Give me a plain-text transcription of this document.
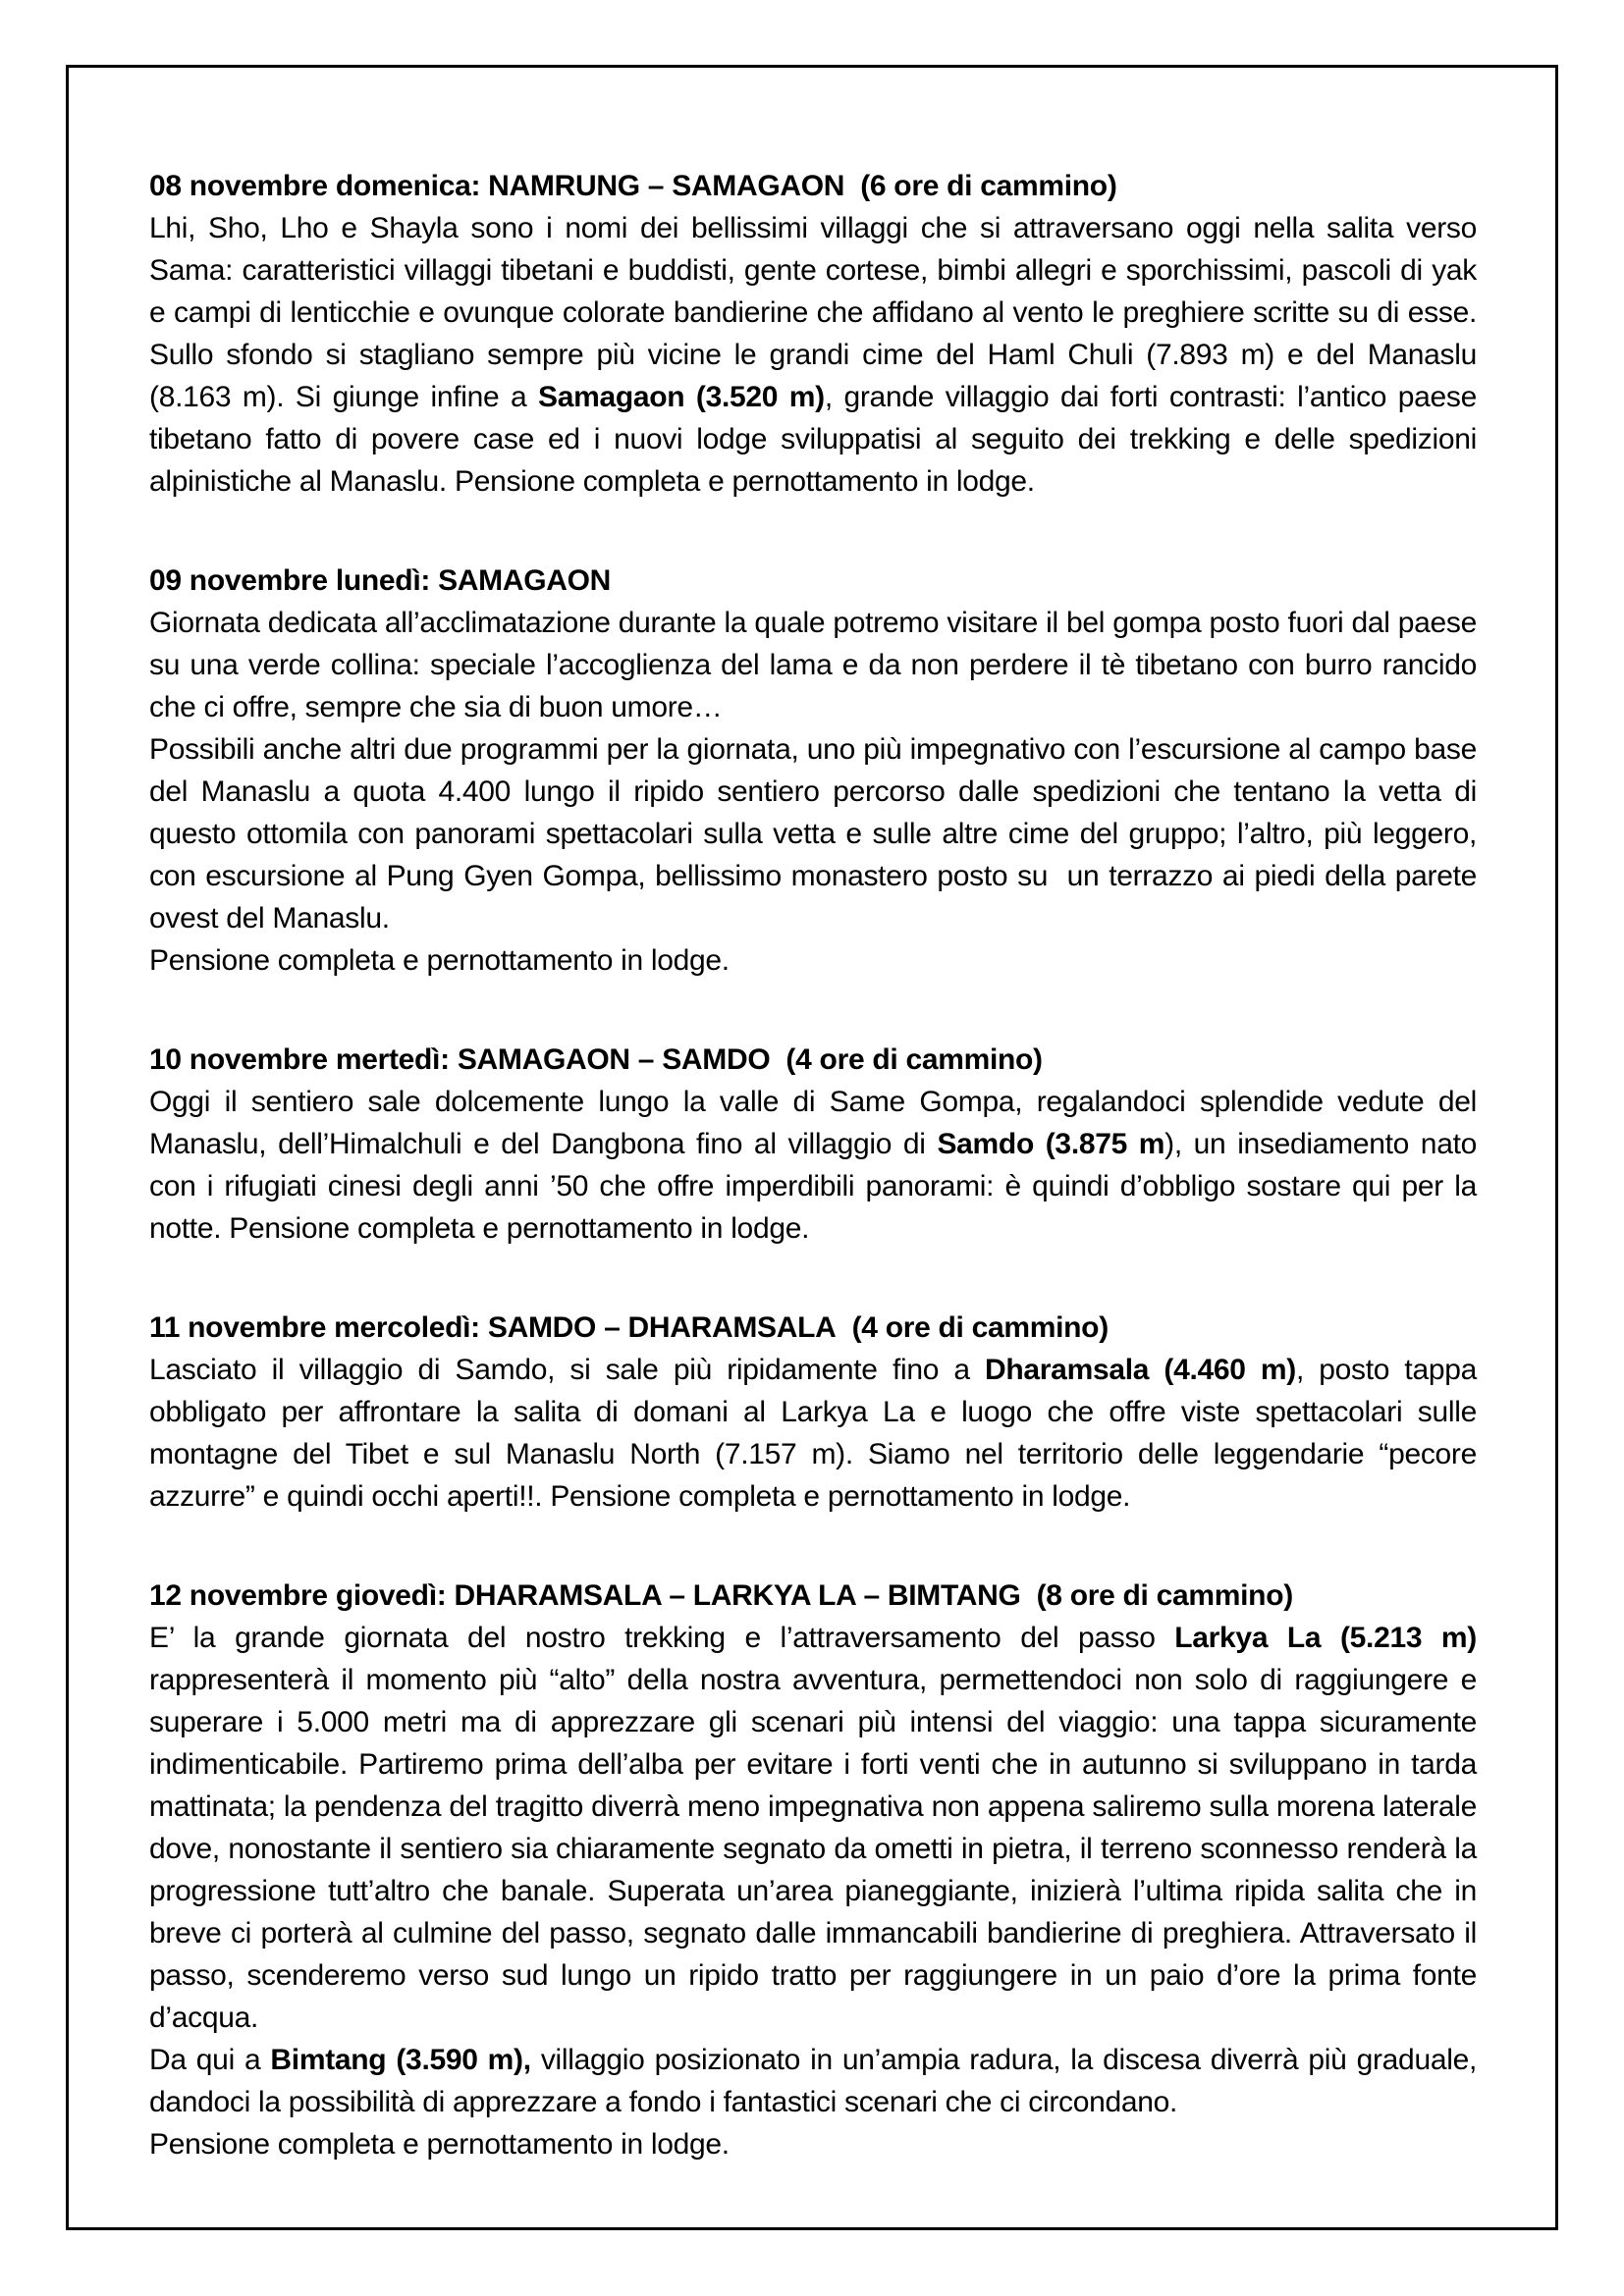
08 novembre domenica: NAMRUNG – SAMAGAON  (6 ore di cammino)

Lhi, Sho, Lho e Shayla sono i nomi dei bellissimi villaggi che si attraversano oggi nella salita verso Sama: caratteristici villaggi tibetani e buddisti, gente cortese, bimbi allegri e sporchissimi, pascoli di yak e campi di lenticchie e ovunque colorate bandierine che affidano al vento le preghiere scritte su di esse. Sullo sfondo si stagliano sempre più vicine le grandi cime del Haml Chuli (7.893 m) e del Manaslu (8.163 m). Si giunge infine a Samagaon (3.520 m), grande villaggio dai forti contrasti: l’antico paese tibetano fatto di povere case ed i nuovi lodge sviluppatisi al seguito dei trekking e delle spedizioni alpinistiche al Manaslu. Pensione completa e pernottamento in lodge.

09 novembre lunedì: SAMAGAON

Giornata dedicata all’acclimatazione durante la quale potremo visitare il bel gompa posto fuori dal paese su una verde collina: speciale l’accoglienza del lama e da non perdere il tè tibetano con burro rancido che ci offre, sempre che sia di buon umore…

Possibili anche altri due programmi per la giornata, uno più impegnativo con l’escursione al campo base del Manaslu a quota 4.400 lungo il ripido sentiero percorso dalle spedizioni che tentano la vetta di questo ottomila con panorami spettacolari sulla vetta e sulle altre cime del gruppo; l’altro, più leggero, con escursione al Pung Gyen Gompa, bellissimo monastero posto su  un terrazzo ai piedi della parete ovest del Manaslu.

Pensione completa e pernottamento in lodge.

10 novembre mertedì: SAMAGAON – SAMDO  (4 ore di cammino)

Oggi il sentiero sale dolcemente lungo la valle di Same Gompa, regalandoci splendide vedute del Manaslu, dell’Himalchuli e del Dangbona fino al villaggio di Samdo (3.875 m), un insediamento nato con i rifugiati cinesi degli anni ’50 che offre imperdibili panorami: è quindi d’obbligo sostare qui per la notte. Pensione completa e pernottamento in lodge.

11 novembre mercoledì: SAMDO – DHARAMSALA  (4 ore di cammino)

Lasciato il villaggio di Samdo, si sale più ripidamente fino a Dharamsala (4.460 m), posto tappa obbligato per affrontare la salita di domani al Larkya La e luogo che offre viste spettacolari sulle montagne del Tibet e sul Manaslu North (7.157 m). Siamo nel territorio delle leggendarie “pecore azzurre” e quindi occhi aperti!!. Pensione completa e pernottamento in lodge.

12 novembre giovedì: DHARAMSALA – LARKYA LA – BIMTANG  (8 ore di cammino)

E’ la grande giornata del nostro trekking e l’attraversamento del passo Larkya La (5.213 m) rappresenterà il momento più “alto” della nostra avventura, permettendoci non solo di raggiungere e superare i 5.000 metri ma di apprezzare gli scenari più intensi del viaggio: una tappa sicuramente indimenticabile. Partiremo prima dell’alba per evitare i forti venti che in autunno si sviluppano in tarda mattinata; la pendenza del tragitto diverrà meno impegnativa non appena saliremo sulla morena laterale dove, nonostante il sentiero sia chiaramente segnato da ometti in pietra, il terreno sconnesso renderà la progressione tutt’altro che banale. Superata un’area pianeggiante, inizierà l’ultima ripida salita che in breve ci porterà al culmine del passo, segnato dalle immancabili bandierine di preghiera. Attraversato il passo, scenderemo verso sud lungo un ripido tratto per raggiungere in un paio d’ore la prima fonte d’acqua.

Da qui a Bimtang (3.590 m), villaggio posizionato in un’ampia radura, la discesa diverrà più graduale, dandoci la possibilità di apprezzare a fondo i fantastici scenari che ci circondano.

Pensione completa e pernottamento in lodge.
